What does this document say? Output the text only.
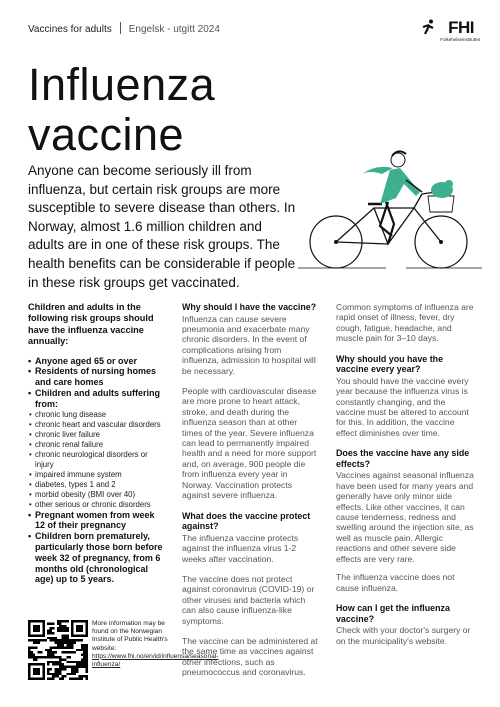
Vaccines for adults Engelsk - utgitt 2024	FHI
Folkehelseinstituttet
Influenza
vaccine
Anyone can become seriously ill from influenza, but certain risk groups are more susceptible to severe disease than others. In Norway, almost 1.6 million children and adults are in one of these risk groups. The health benefits can be considerable if people in these risk groups get vaccinated.
Children and adults in the following risk groups should have the influenza vaccine annually:
• Anyone aged 65 or over
• Residents of nursing homes and care homes
• Children and adults suffering from:
• chronic lung disease
• chronic heart and vascular disorders
• chronic liver failure
• chronic renal failure
• chronic neurological disorders or injury
• impaired immune system
• diabetes, types 1 and 2
• morbid obesity (BMI over 40)
• other serious or chronic disorders
• Pregnant women from week 12 of their pregnancy
• Children born prematurely, particularly those born before week 32 of pregnancy, from 6 months old (chronological age) up to 5 years.
More information may be found on the Norwegian Institute of Public Health's website: https://www.fhi.no/en/id/influensa/seasonal-influenza/
Why should I have the vaccine?

Influenza can cause severe pneumonia and exacerbate many chronic disorders. In the event of complications arising from influenza, admission to hospital will be necessary.

People with cardiovascular disease are more prone to heart attack, stroke, and death during the influenza season than at other times of the year. Severe influenza can lead to permanently impaired health and a need for more support and, on average, 900 people die from influenza every year in Norway. Vaccination protects against severe influenza.

What does the vaccine protect against?

The influenza vaccine protects against the influenza virus 1-2 weeks after vaccination.

The vaccine does not protect against coronavirus (COVID-19) or other viruses and bacteria which can also cause influenza-like symptoms.

The vaccine can be administered at the same time as vaccines against other infections, such as pneumococcus and coronavirus.

Common symptoms of influenza are rapid onset of illness, fever, dry cough, fatigue, headache, and muscle pain for 3–10 days.

Why should you have the vaccine every year?

You should have the vaccine every year because the influenza virus is constantly changing, and the vaccine must be altered to account for this. In addition, the vaccine effect diminishes over time.

Does the vaccine have any side effects?

Vaccines against seasonal influenza have been used for many years and generally have only minor side effects. Like other vaccines, it can cause tenderness, redness and swelling around the injection site, as well as muscle pain. Allergic reactions and other severe side effects are very rare.

The influenza vaccine does not cause influenza.

How can I get the influenza vaccine?

Check with your doctor's surgery or on the municipality's website.
